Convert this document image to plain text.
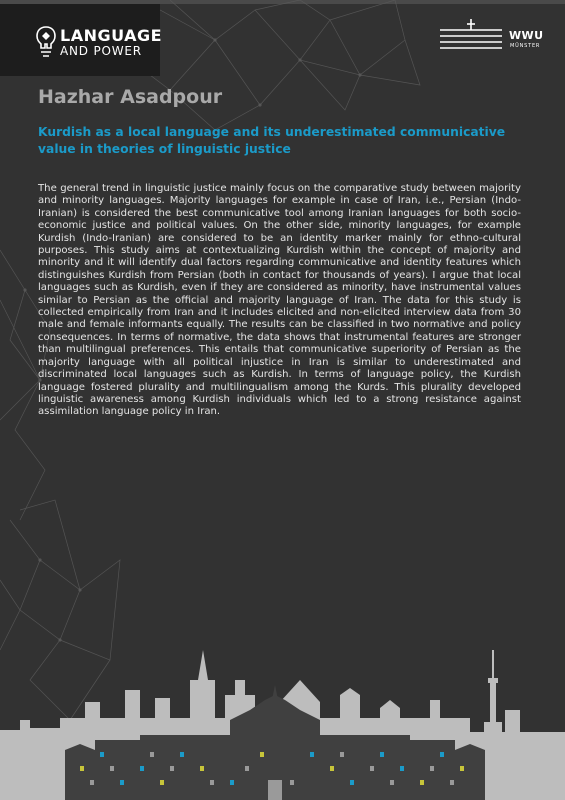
LANGUAGE
AND POWER
WWU
MÜNSTER
Hazhar Asadpour
Kurdish as a local language and its underestimated communicative value in theories of linguistic justice

The general trend in linguistic justice mainly focus on the comparative study between majority and minority languages. Majority languages for example in case of Iran, i.e., Persian (Indo-Iranian) is considered the best communicative tool among Iranian languages for both socio-economic justice and political values. On the other side, minority languages, for example Kurdish (Indo-Iranian) are considered to be an identity marker mainly for ethno-cultural purposes. This study aims at contextualizing Kurdish within the concept of majority and minority and it will identify dual factors regarding communicative and identity features which distinguishes Kurdish from Persian (both in contact for thousands of years). I argue that local languages such as Kurdish, even if they are considered as minority, have instrumental values similar to Persian as the official and majority language of Iran. The data for this study is collected empirically from Iran and it includes elicited and non-elicited interview data from 30 male and female informants equally. The results can be classified in two normative and policy consequences. In terms of normative, the data shows that instrumental features are stronger than multilingual preferences. This entails that communicative superiority of Persian as the majority language with all political injustice in Iran is similar to underestimated and discriminated local languages such as Kurdish. In terms of language policy, the Kurdish language fostered plurality and multilingualism among the Kurds. This plurality developed linguistic awareness among Kurdish individuals which led to a strong resistance against assimilation language policy in Iran.
